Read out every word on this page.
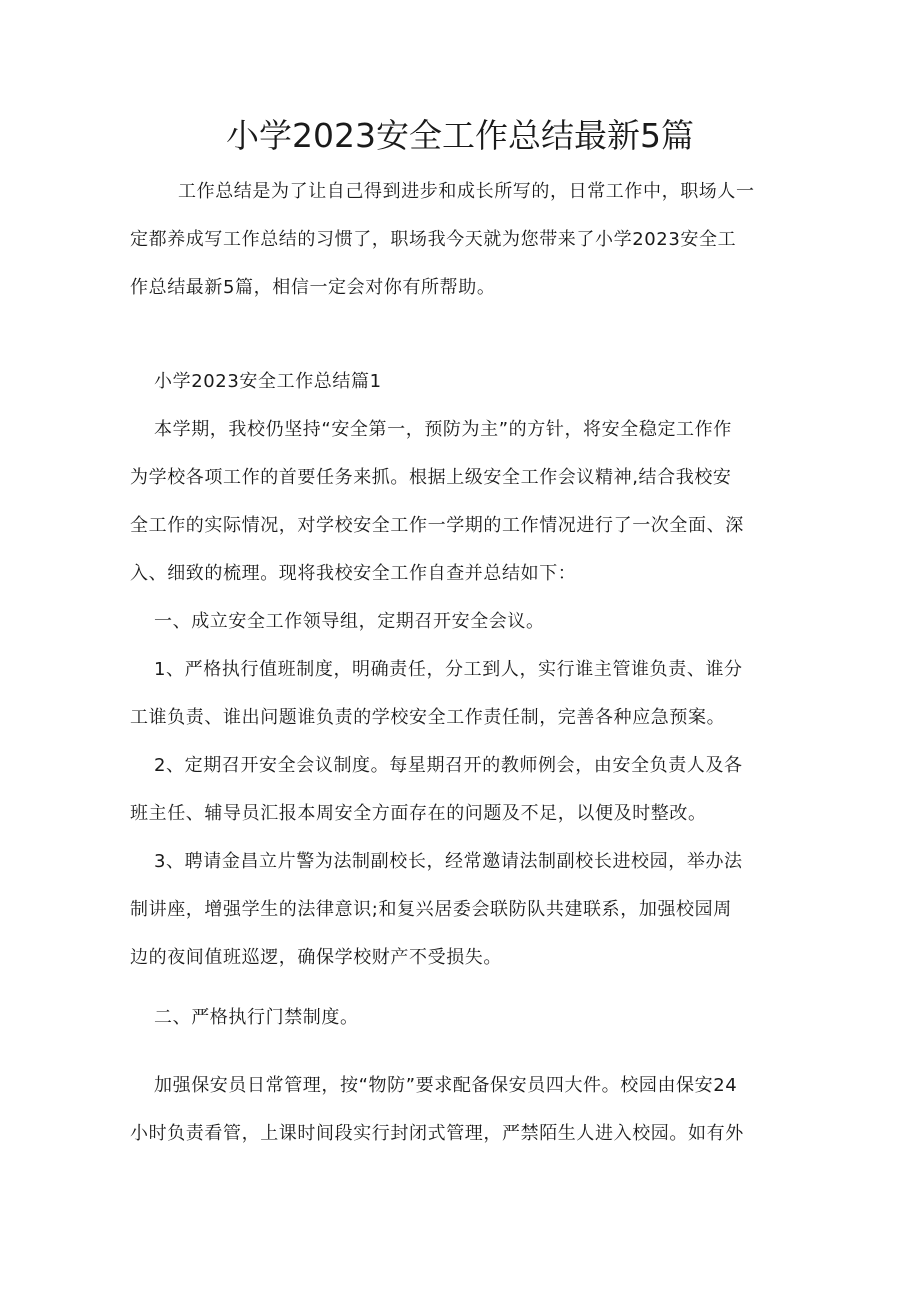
小学2023安全工作总结最新5篇
工作总结是为了让自己得到进步和成长所写的，日常工作中，职场人一
定都养成写工作总结的习惯了，职场我今天就为您带来了小学2023安全工
作总结最新5篇，相信一定会对你有所帮助。
小学2023安全工作总结篇1
本学期，我校仍坚持“安全第一，预防为主”的方针，将安全稳定工作作
为学校各项工作的首要任务来抓。根据上级安全工作会议精神,结合我校安
全工作的实际情况，对学校安全工作一学期的工作情况进行了一次全面、深
入、细致的梳理。现将我校安全工作自查并总结如下：
一、成立安全工作领导组，定期召开安全会议。
1、严格执行值班制度，明确责任，分工到人，实行谁主管谁负责、谁分
工谁负责、谁出问题谁负责的学校安全工作责任制，完善各种应急预案。
2、定期召开安全会议制度。每星期召开的教师例会，由安全负责人及各
班主任、辅导员汇报本周安全方面存在的问题及不足，以便及时整改。
3、聘请金昌立片警为法制副校长，经常邀请法制副校长进校园，举办法
制讲座，增强学生的法律意识;和复兴居委会联防队共建联系，加强校园周
边的夜间值班巡逻，确保学校财产不受损失。
二、严格执行门禁制度。
加强保安员日常管理，按“物防”要求配备保安员四大件。校园由保安24
小时负责看管，上课时间段实行封闭式管理，严禁陌生人进入校园。如有外
